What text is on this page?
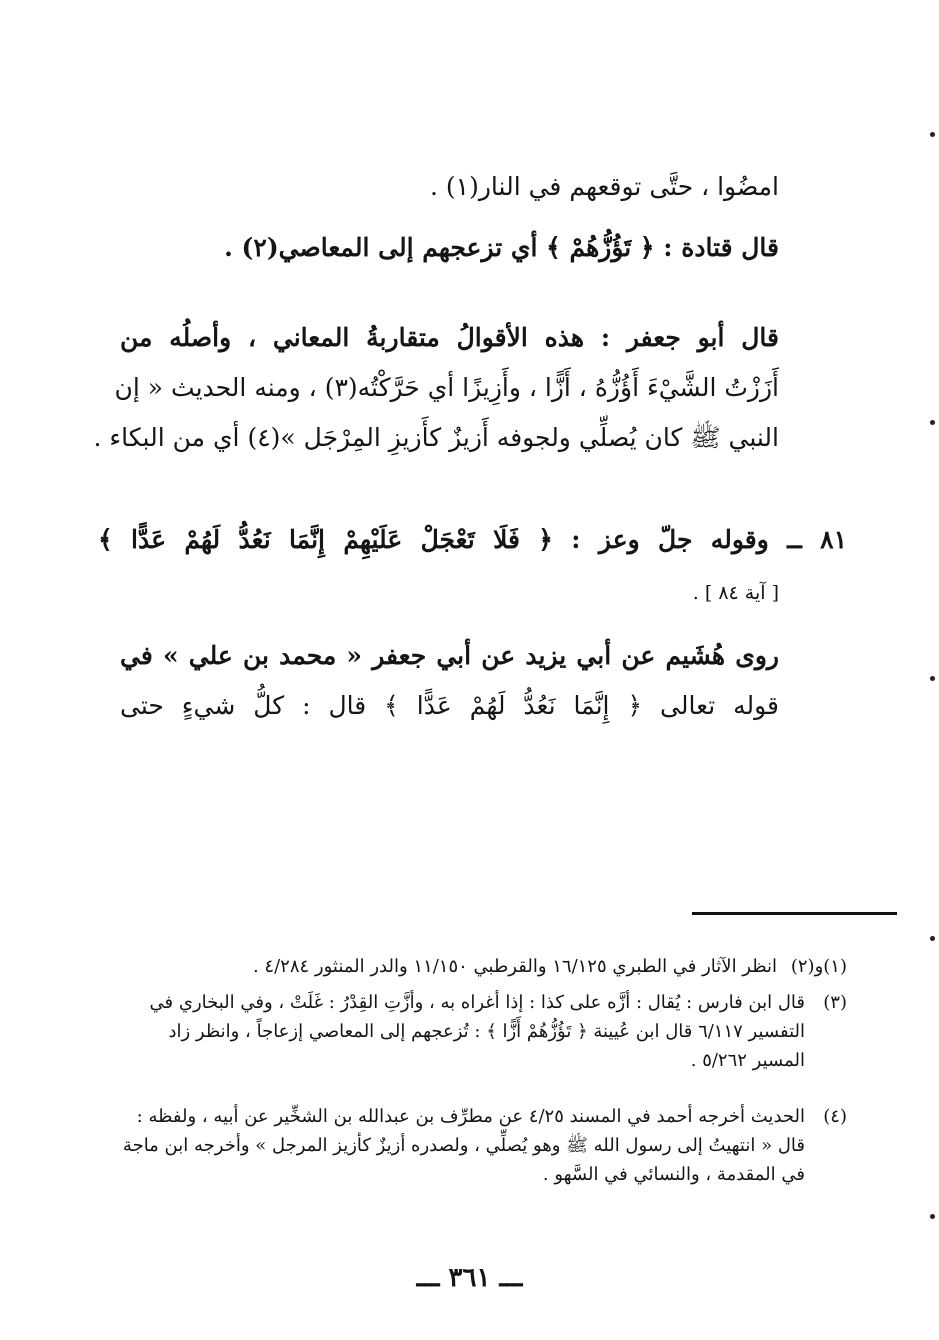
امضُوا ، حتَّى توقعهم في النار(١) .
قال قتادة : ﴿ تَؤُزُّهُمْ ﴾ أي تزعجهم إلى المعاصي(٢) .
قال أبو جعفر : هذه الأقوالُ متقاربةُ المعاني ، وأصلُه من
أَزَزْتُ الشَّيْءَ أَؤُزُّهُ ، أَزًّا ، وأَزِيزًا أي حَرَّكْتُه(٣) ، ومنه الحديث « إن
النبي ﷺ كان يُصلِّي ولجوفه أَزيزٌ كأَزيزِ المِرْجَل »(٤) أي من البكاء .
٨١ ــ وقوله جلّ وعز : ﴿ فَلَا تَعْجَلْ عَلَيْهِمْ إِنَّمَا نَعُدُّ لَهُمْ عَدًّا ﴾
[ آية ٨٤ ] .
روى هُشَيم عن أبي يزيد عن أبي جعفر « محمد بن علي » في
قوله تعالى ﴿ إِنَّمَا نَعُدُّ لَهُمْ عَدًّا ﴾ قال : كلُّ شيءٍ حتى
(١)و(٢)
انظر الآثار في الطبري ١٦/١٢٥ والقرطبي ١١/١٥٠ والدر المنثور ٤/٢٨٤ .
(٣)
قال ابن فارس : يُقال : أزَّه على كذا : إذا أغراه به ، وأزَّتِ القِدْرُ : غَلَتْ ، وفي البخاري في التفسير ٦/١١٧ قال ابن عُيينة ﴿ تَؤُزُّهُمْ أَزًّا ﴾ : تُزعجهم إلى المعاصي إزعاجاً ، وانظر زاد المسير ٥/٢٦٢ .
(٤)
الحديث أخرجه أحمد في المسند ٤/٢٥ عن مطرِّف بن عبدالله بن الشخِّير عن أبيه ، ولفظه : قال « انتهيتُ إلى رسول الله ﷺ وهو يُصلِّي ، ولصدره أزيزٌ كأزيز المرجل » وأخرجه ابن ماجة في المقدمة ، والنسائي في السَّهو .
ـــ ٣٦١ ـــ
